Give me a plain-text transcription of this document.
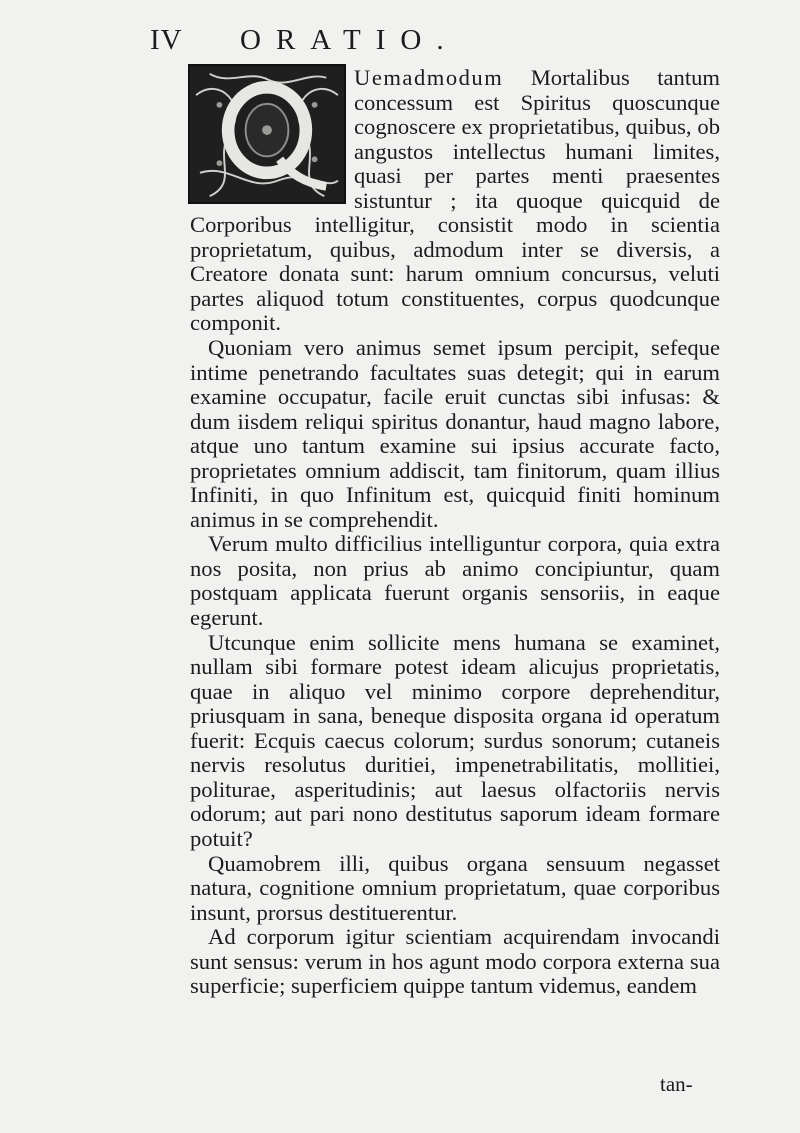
IV ORATIO.

Uemadmodum Mortalibus tantum concessum est Spiritus quoscunque cognoscere ex proprietatibus, quibus, ob angustos intellectus humani limites, quasi per partes menti praesentes sistuntur ; ita quoque quicquid de Corporibus intelligitur, consistit modo in scientia proprietatum, quibus, admodum inter se diversis, a Creatore donata sunt: harum omnium concursus, veluti partes aliquod totum constituentes, corpus quodcunque componit.

Quoniam vero animus semet ipsum percipit, sefeque intime penetrando facultates suas detegit; qui in earum examine occupatur, facile eruit cunctas sibi infusas: & dum iisdem reliqui spiritus donantur, haud magno labore, atque uno tantum examine sui ipsius accurate facto, proprietates omnium addiscit, tam finitorum, quam illius Infiniti, in quo Infinitum est, quicquid finiti hominum animus in se comprehendit.

Verum multo difficilius intelliguntur corpora, quia extra nos posita, non prius ab animo concipiuntur, quam postquam applicata fuerunt organis sensoriis, in eaque egerunt.

Utcunque enim sollicite mens humana se examinet, nullam sibi formare potest ideam alicujus proprietatis, quae in aliquo vel minimo corpore deprehenditur, priusquam in sana, beneque disposita organa id operatum fuerit: Ecquis caecus colorum; surdus sonorum; cutaneis nervis resolutus duritiei, impenetrabilitatis, mollitiei, politurae, asperitudinis; aut laesus olfactoriis nervis odorum; aut pari nono destitutus saporum ideam formare potuit?

Quamobrem illi, quibus organa sensuum negasset natura, cognitione omnium proprietatum, quae corporibus insunt, prorsus destituerentur.

Ad corporum igitur scientiam acquirendam invocandi sunt sensus: verum in hos agunt modo corpora externa sua superficie; superficiem quippe tantum videmus, eandem

tan-
